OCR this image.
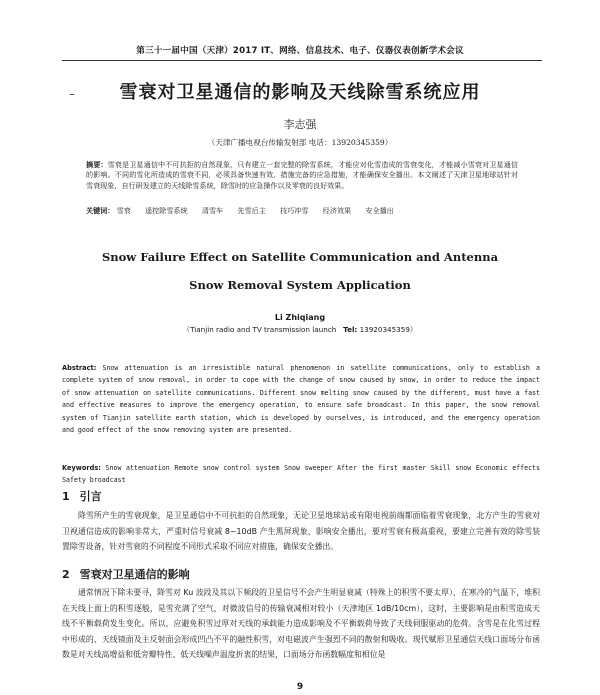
第三十一届中国（天津）2017 IT、网络、信息技术、电子、仪器仪表创新学术会议
雪衰对卫星通信的影响及天线除雪系统应用
李志强
（天津广播电视台传输发射部 电话：13920345359）
摘要：雪衰是卫星通信中不可抗拒的自然现象，只有建立一套完整的除雪系统，才能应对化雪造成的雪衰变化，才能减小雪衰对卫星通信的影响。不同的雪化所造成的雪衰不同，必须具备快速有效、措施完备的应急措施，才能确保安全播出。本文阐述了天津卫星地球站针对雪衰现象，自行研发建立的天线除雪系统，除雪时的应急操作以及零衰的良好效果。
关键词： 雪衰 遥控除雪系统 清雪车 先雪后主 技巧冲雪 经济效果 安全播出
Snow Failure Effect on Satellite Communication and Antenna
Snow Removal System Application
Li Zhiqiang
（Tianjin radio and TV transmission launch Tel: 13920345359）
Abstract: Snow attenuation is an irresistible natural phenomenon in satellite communications, only to establish a complete system of snow removal, in order to cope with the change of snow caused by snow, in order to reduce the impact of snow attenuation on satellite communications. Different snow melting snow caused by the different, must have a fast and effective measures to improve the emergency operation, to ensure safe broadcast. In this paper, the snow removal system of Tianjin satellite earth station, which is developed by ourselves, is introduced, and the emergency operation and good effect of the snow removing system are presented.
Keywords: Snow attenuation Remote snow control system Snow sweeper After the first master Skill snow Economic effects Safety broadcast
1 引言
降雪所产生的雪衰现象，是卫星通信中不可抗拒的自然现象，无论卫星地球站或有限电视前端都面临着雪衰现象，北方产生的雪衰对卫视通信造成的影响非常大，严重时信号衰减 8~10dB 产生黑屏现象，影响安全播出，要对雪衰有极高重视，要建立完善有效的除雪装置除雪设备，针对雪衰的不同程度不同形式采取不同应对措施，确保安全播出。
2 雪衰对卫星通信的影响
通常情况下除未要寻，降雪对 Ku 波段及其以下频段的卫星信号不会产生明显衰减（特殊上的积雪不要太厚），在寒冷的气温下，堆积在天线上面上的积雪逐般，是雪充满了空气，对微波信号的传输衰减相对较小（天津地区 1dB/10cm），这时，主要影响是由积雪造成天线不平衡载荷发生变化。所以，应避免积雪过厚对天线的承载能力造成影响及不平衡载荷导致了天线伺服驱动的危荷。含雪是在化雪过程中形成的、天线镜面及主反射面会形成凹凸不平的融性积雪，对电磁波产生强烈不同的散射和吸收。现代赋形卫星通信天线口面场分布函数是对天线高增益和低旁瓣特性、低天线噪声温度折衷的结果，口面场分布函数幅度和相位是
9
